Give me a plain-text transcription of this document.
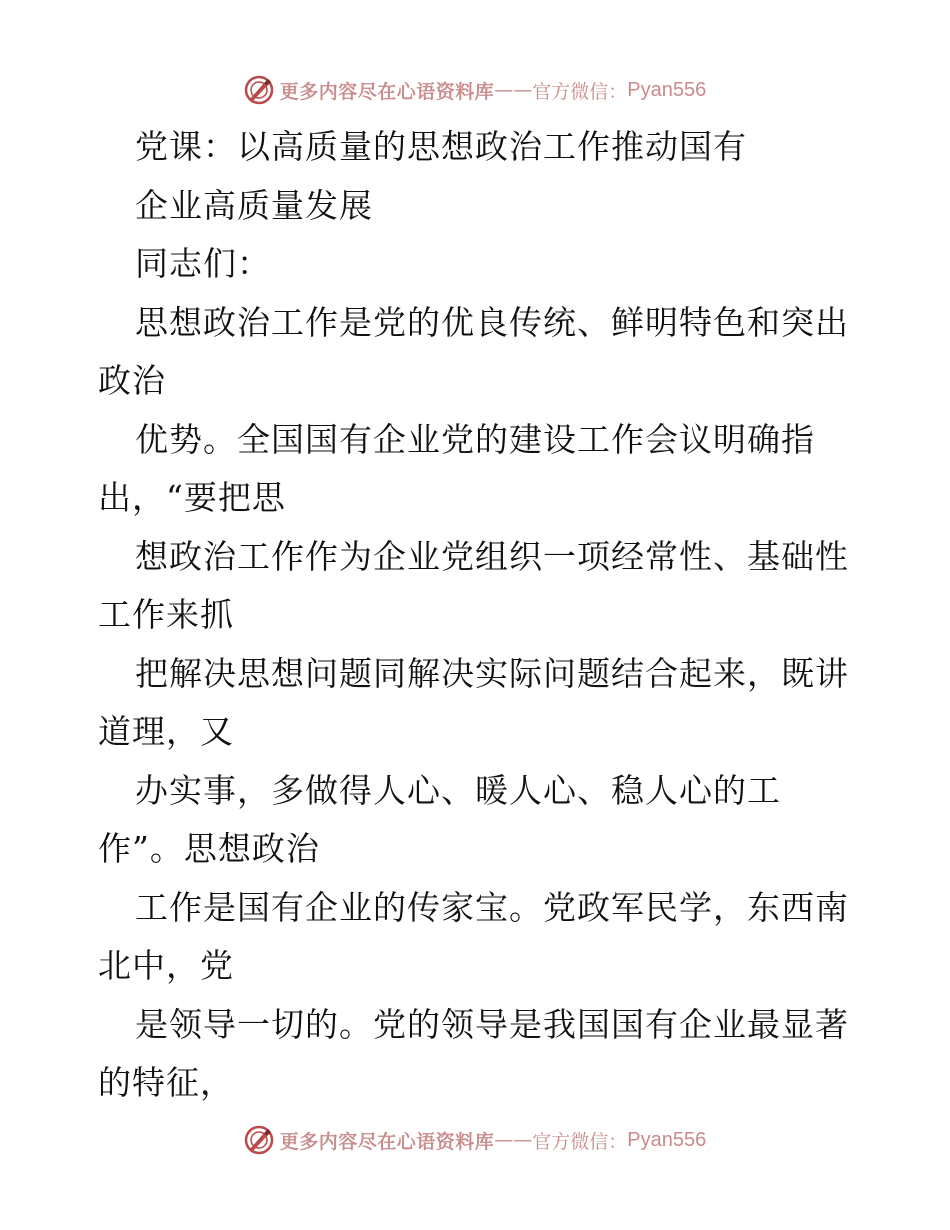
更多内容尽在心语资料库 —— 官方微信： Pyan556
党课：以高质量的思想政治工作推动国有
企业高质量发展
同志们：
思想政治工作是党的优良传统、鲜明特色和突出
政治
优势。全国国有企业党的建设工作会议明确指
出，“要把思
想政治工作作为企业党组织一项经常性、基础性
工作来抓
把解决思想问题同解决实际问题结合起来，既讲
道理，又
办实事，多做得人心、暖人心、稳人心的工
作”。思想政治
工作是国有企业的传家宝。党政军民学，东西南
北中，党
是领导一切的。党的领导是我国国有企业最显著
的特征，
更多内容尽在心语资料库 —— 官方微信： Pyan556
